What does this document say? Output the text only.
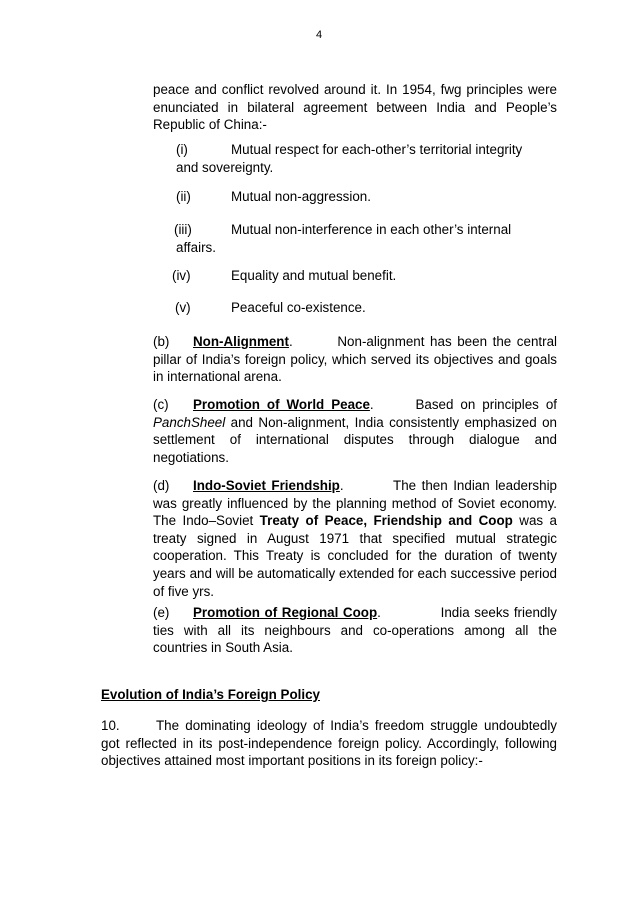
4
peace and conflict revolved around it. In 1954, fwg principles were enunciated in bilateral agreement between India and People’s Republic of China:-
(i)	Mutual respect for each-other’s territorial integrity
and sovereignty.
(ii)	Mutual non-aggression.
(iii)	Mutual non-interference in each other’s internal
affairs.
(iv)	Equality and mutual benefit.
(v)	Peaceful co-existence.
(b) Non-Alignment.        Non-alignment has been the central pillar of India’s foreign policy, which served its objectives and goals in international arena.
(c) Promotion of World Peace.      Based on principles of PanchSheel and Non-alignment, India consistently emphasized on settlement of international disputes through dialogue and negotiations.
(d) Indo-Soviet Friendship.         The then Indian leadership was greatly influenced by the planning method of Soviet economy. The Indo–Soviet Treaty of Peace, Friendship and Coop was a treaty signed in August 1971 that specified mutual strategic cooperation. This Treaty is concluded for the duration of twenty years and will be automatically extended for each successive period of five yrs.
(e) Promotion of Regional Coop.             India seeks friendly ties with all its neighbours and co-operations among all the countries in South Asia.
Evolution of India’s Foreign Policy
10.	The dominating ideology of India’s freedom struggle undoubtedly got reflected in its post-independence foreign policy. Accordingly, following objectives attained most important positions in its foreign policy:-
